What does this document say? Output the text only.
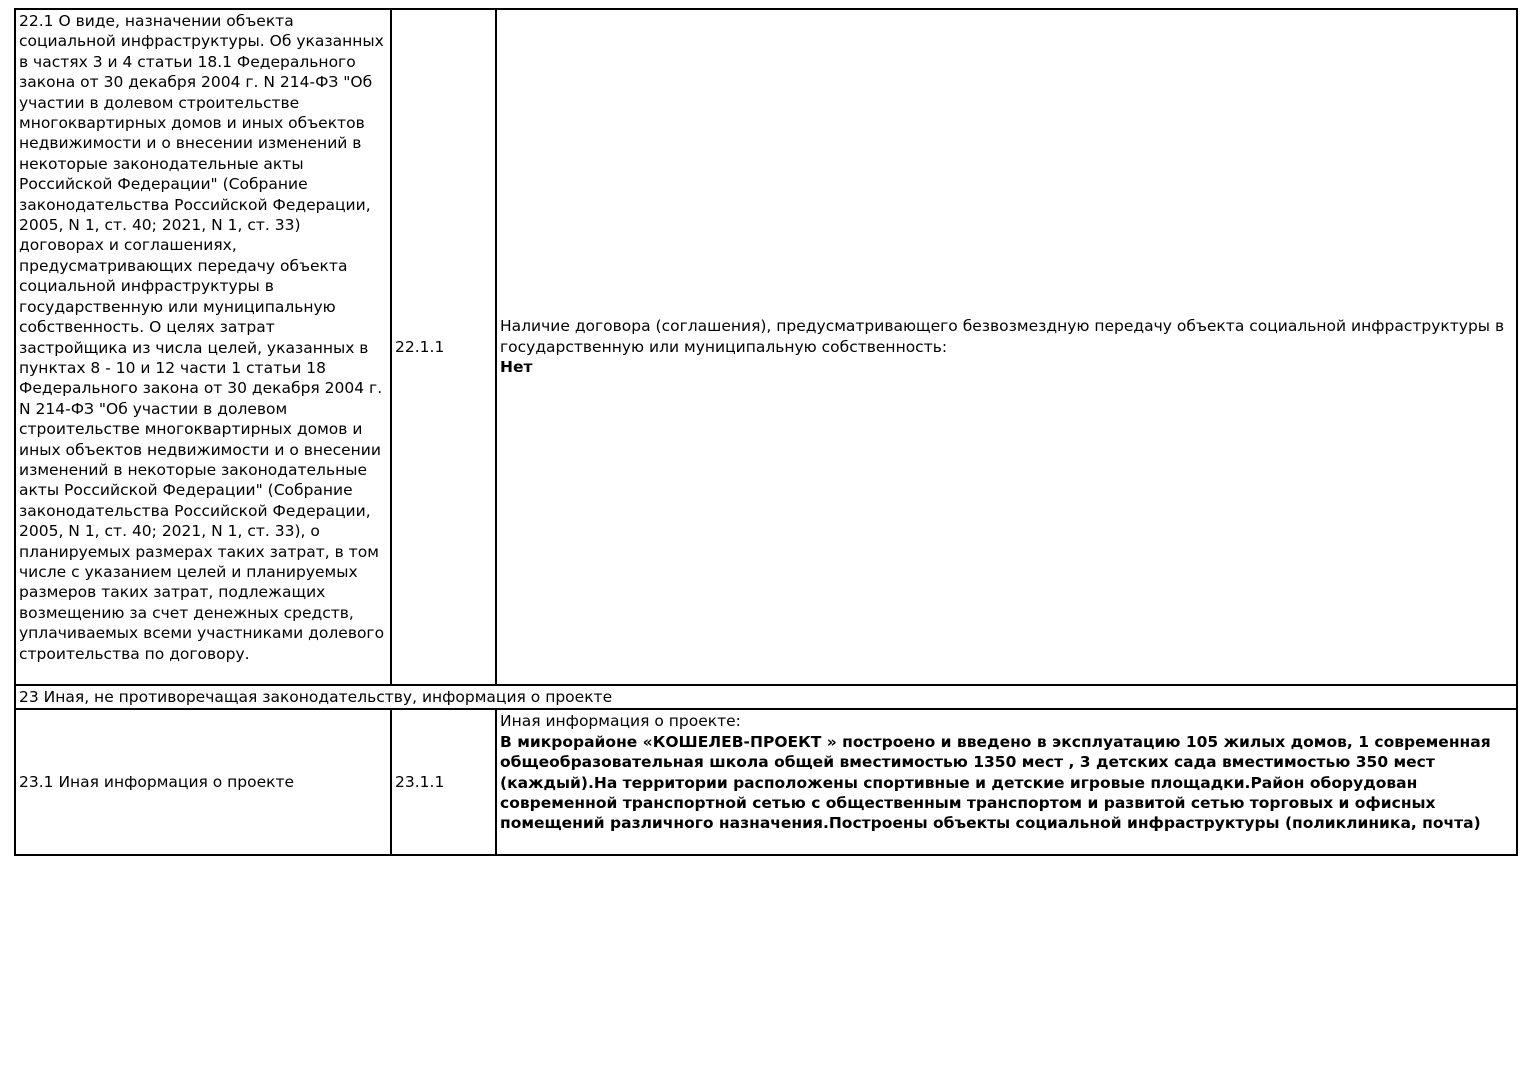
22.1 О виде, назначении объекта социальной инфраструктуры. Об указанных в частях 3 и 4 статьи 18.1 Федерального закона от 30 декабря 2004 г. N 214-ФЗ "Об участии в долевом строительстве многоквартирных домов и иных объектов недвижимости и о внесении изменений в некоторые законодательные акты Российской Федерации" (Собрание законодательства Российской Федерации, 2005, N 1, ст. 40; 2021, N 1, ст. 33) договорах и соглашениях, предусматривающих передачу объекта социальной инфраструктуры в государственную или муниципальную собственность. О целях затрат застройщика из числа целей, указанных в пунктах 8 - 10 и 12 части 1 статьи 18 Федерального закона от 30 декабря 2004 г. N 214-ФЗ "Об участии в долевом строительстве многоквартирных домов и иных объектов недвижимости и о внесении изменений в некоторые законодательные акты Российской Федерации" (Собрание законодательства Российской Федерации, 2005, N 1, ст. 40; 2021, N 1, ст. 33), о планируемых размерах таких затрат, в том числе с указанием целей и планируемых размеров таких затрат, подлежащих возмещению за счет денежных средств, уплачиваемых всеми участниками долевого строительства по договору.	22.1.1	Наличие договора (соглашения), предусматривающего безвозмездную передачу объекта социальной инфраструктуры в государственную или муниципальную собственность:
Нет

23 Иная, не противоречащая законодательству, информация о проекте		
23.1 Иная информация о проекте	23.1.1	Иная информация о проекте:
В микрорайоне «КОШЕЛЕВ-ПРОЕКТ » построено и введено в эксплуатацию 105 жилых домов, 1 современная общеобразовательная школа общей вместимостью 1350 мест , 3 детских сада вместимостью 350 мест (каждый).На территории расположены спортивные и детские игровые площадки.Район оборудован современной транспортной сетью с общественным транспортом и развитой сетью торговых и офисных помещений различного назначения.Построены объекты социальной инфраструктуры (поликлиника, почта)
